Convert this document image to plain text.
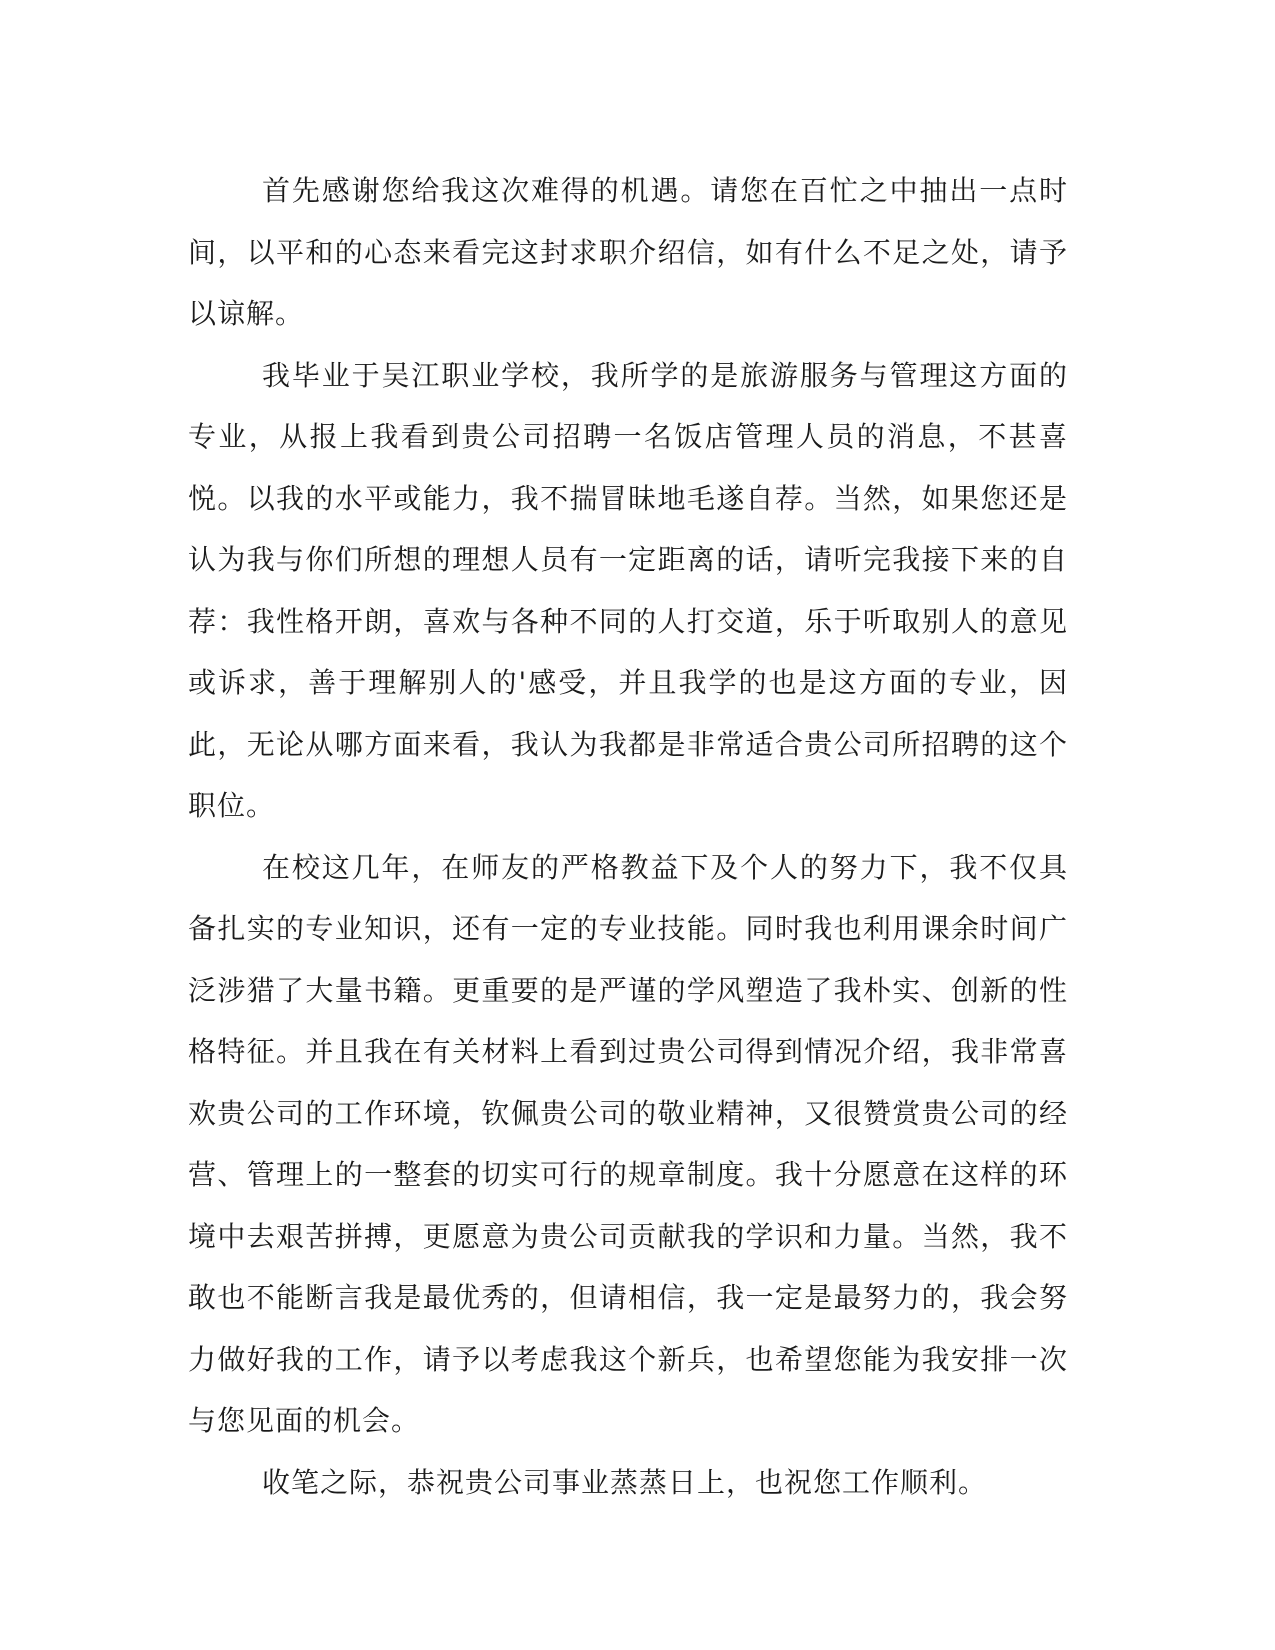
首先感谢您给我这次难得的机遇。请您在百忙之中抽出一点时间，以平和的心态来看完这封求职介绍信，如有什么不足之处，请予以谅解。

我毕业于吴江职业学校，我所学的是旅游服务与管理这方面的专业，从报上我看到贵公司招聘一名饭店管理人员的消息，不甚喜悦。以我的水平或能力，我不揣冒昧地毛遂自荐。当然，如果您还是认为我与你们所想的理想人员有一定距离的话，请听完我接下来的自荐：我性格开朗，喜欢与各种不同的人打交道，乐于听取别人的意见或诉求，善于理解别人的'感受，并且我学的也是这方面的专业，因此，无论从哪方面来看，我认为我都是非常适合贵公司所招聘的这个职位。

在校这几年，在师友的严格教益下及个人的努力下，我不仅具备扎实的专业知识，还有一定的专业技能。同时我也利用课余时间广泛涉猎了大量书籍。更重要的是严谨的学风塑造了我朴实、创新的性格特征。并且我在有关材料上看到过贵公司得到情况介绍，我非常喜欢贵公司的工作环境，钦佩贵公司的敬业精神，又很赞赏贵公司的经营、管理上的一整套的切实可行的规章制度。我十分愿意在这样的环境中去艰苦拼搏，更愿意为贵公司贡献我的学识和力量。当然，我不敢也不能断言我是最优秀的，但请相信，我一定是最努力的，我会努力做好我的工作，请予以考虑我这个新兵，也希望您能为我安排一次与您见面的机会。

收笔之际，恭祝贵公司事业蒸蒸日上，也祝您工作顺利。
